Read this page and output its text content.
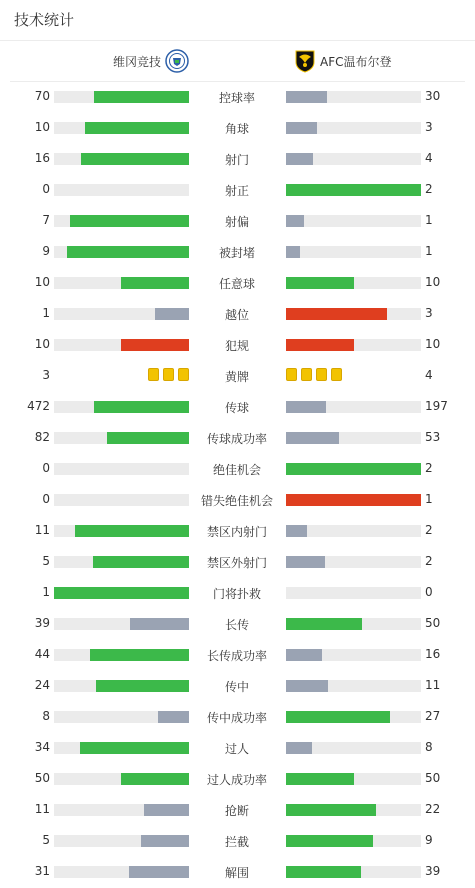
技术统计
维冈竞技	AFC温布尔登
70	控球率	30
10	角球	3
16	射门	4
0	射正	2
7	射偏	1
9	被封堵	1
10	任意球	10
1	越位	3
10	犯规	10
3	黄牌	4
472	传球	197
82	传球成功率	53
0	绝佳机会	2
0	错失绝佳机会	1
11	禁区内射门	2
5	禁区外射门	2
1	门将扑救	0
39	长传	50
44	长传成功率	16
24	传中	11
8	传中成功率	27
34	过人	8
50	过人成功率	50
11	抢断	22
5	拦截	9
31	解围	39
